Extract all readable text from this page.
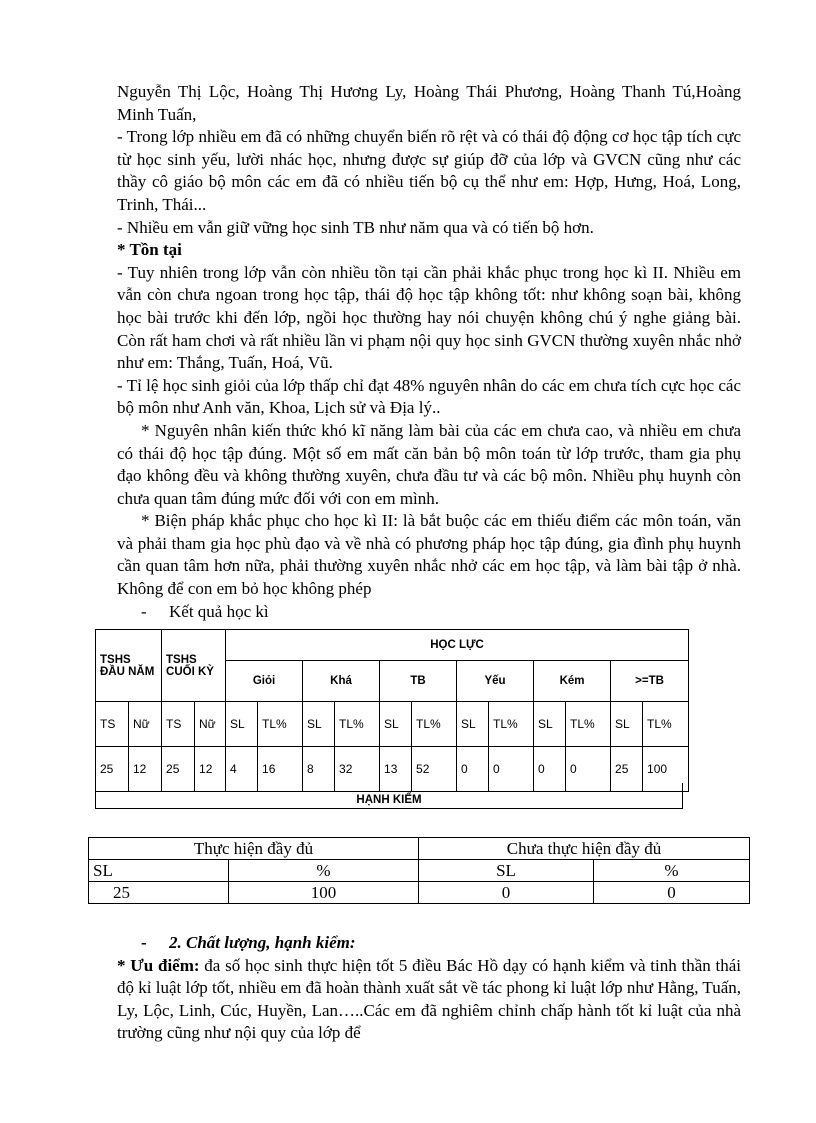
Nguyễn Thị Lộc, Hoàng Thị Hương Ly, Hoàng Thái Phương, Hoàng Thanh Tú,Hoàng Minh Tuấn,

- Trong lớp nhiều em đã có những chuyển biến rõ rệt và có thái độ động cơ học tập tích cực từ học sinh yếu, lười nhác học, nhưng được sự giúp đỡ của lớp và GVCN cũng như các thầy cô giáo bộ môn các em đã có nhiều tiến bộ cụ thể như em: Hợp, Hưng, Hoá, Long, Trinh, Thái...

- Nhiều em vẫn giữ vững học sinh TB như năm qua và có tiến bộ hơn.

* Tồn tại

- Tuy nhiên trong lớp vẫn còn nhiều tồn tại cần phải khắc phục trong học kì II. Nhiều em vẫn còn chưa ngoan trong học tập, thái độ học tập không tốt: như không soạn bài, không học bài trước khi đến lớp, ngồi học thường hay nói chuyện không chú ý nghe giảng bài. Còn rất ham chơi và rất nhiều lần vi phạm nội quy học sinh GVCN thường xuyên nhắc nhở như em: Thắng, Tuấn, Hoá, Vũ.

- Tỉ lệ học sinh giỏi của lớp thấp chỉ đạt 48% nguyên nhân do các em chưa tích cực học các bộ môn như Anh văn, Khoa, Lịch sử và Địa lý..

* Nguyên nhân kiến thức khó kĩ năng làm bài của các em chưa cao, và nhiều em chưa có thái độ học tập đúng. Một số em mất căn bản bộ môn toán từ lớp trước, tham gia phụ đạo không đều và không thường xuyên, chưa đầu tư và các bộ môn. Nhiều phụ huynh còn chưa quan tâm đúng mức đối với con em mình.

* Biện pháp khắc phục cho học kì II: là bắt buộc các em thiếu điểm các môn toán, văn và phải tham gia học phù đạo và về nhà có phương pháp học tập đúng, gia đình phụ huynh cần quan tâm hơn nữa, phải thường xuyên nhắc nhở các em học tập, và làm bài tập ở nhà. Không để con em bỏ học không phép

- Kết quả học kì

TSHS ĐẦU NĂM		TSHS CUỐI KỲ		HỌC LỰC											
				Giỏi		Khá		TB		Yếu		Kém		>=TB	
TS	Nữ	TS	Nữ	SL	TL%	SL	TL%	SL	TL%	SL	TL%	SL	TL%	SL	TL%
25	12	25	12	4	16	8	32	13	52	0	0	0	0	25	100
HẠNH KIỂM
Thực hiện đầy đủ		Chưa thực hiện đầy đủ	
SL	%	SL	%
25	100	0	0

- 2. Chất lượng, hạnh kiểm:

* Ưu điểm: đa số học sinh thực hiện tốt 5 điều Bác Hồ dạy có hạnh kiểm và tinh thần thái độ kỉ luật lớp tốt, nhiều em đã hoàn thành xuất sắt về tác phong kỉ luật lớp như Hằng, Tuấn, Ly, Lộc, Linh, Cúc, Huyền, Lan…..Các em đã nghiêm chỉnh chấp hành tốt kỉ luật của nhà trường cũng như nội quy của lớp để
